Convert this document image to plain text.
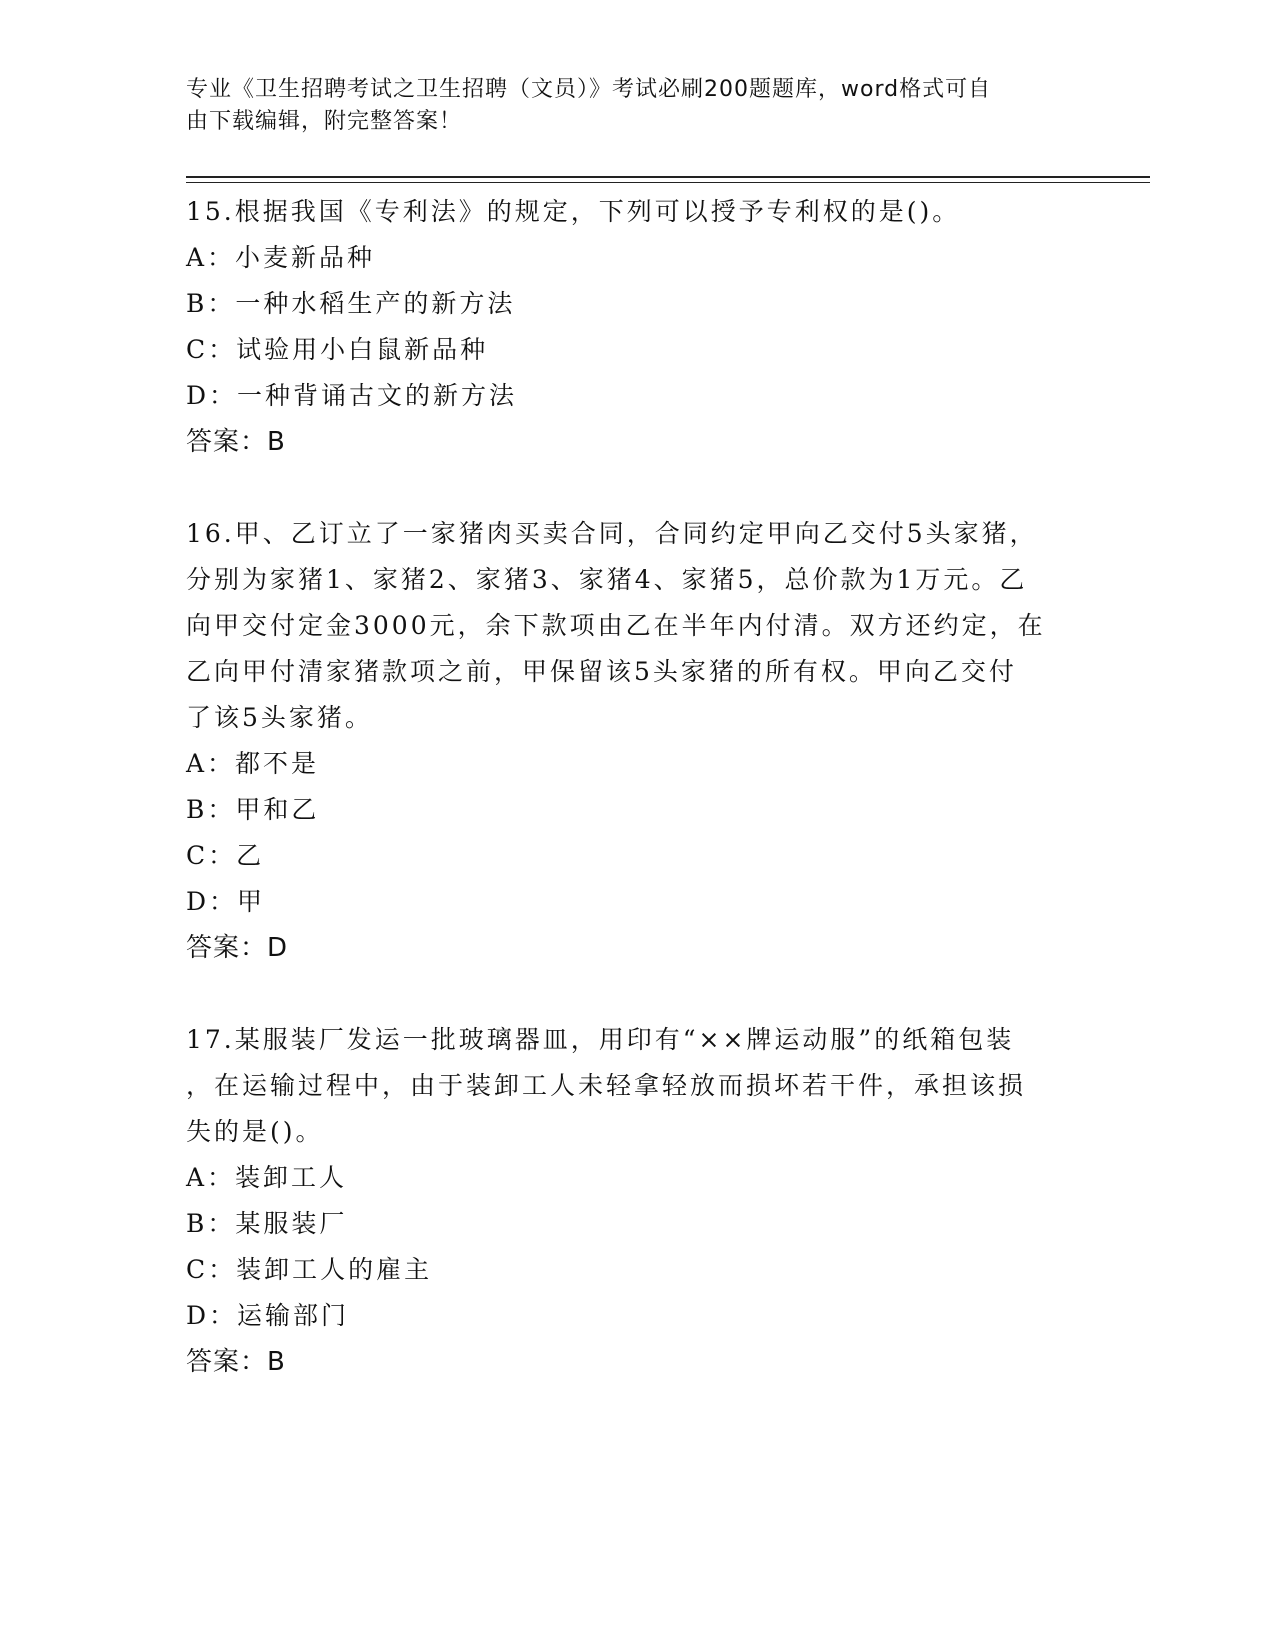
专业《卫生招聘考试之卫生招聘（文员）》考试必刷200题题库，word格式可自
由下载编辑，附完整答案！
15.根据我国《专利法》的规定，下列可以授予专利权的是()。
A：小麦新品种
B：一种水稻生产的新方法
C：试验用小白鼠新品种
D：一种背诵古文的新方法
答案：B
16.甲、乙订立了一家猪肉买卖合同，合同约定甲向乙交付5头家猪，
分别为家猪1、家猪2、家猪3、家猪4、家猪5，总价款为1万元。乙
向甲交付定金3000元，余下款项由乙在半年内付清。双方还约定，在
乙向甲付清家猪款项之前，甲保留该5头家猪的所有权。甲向乙交付
了该5头家猪。
A：都不是
B：甲和乙
C：乙
D：甲
答案：D
17.某服装厂发运一批玻璃器皿，用印有“××牌运动服”的纸箱包装
，在运输过程中，由于装卸工人未轻拿轻放而损坏若干件，承担该损
失的是()。
A：装卸工人
B：某服装厂
C：装卸工人的雇主
D：运输部门
答案：B
